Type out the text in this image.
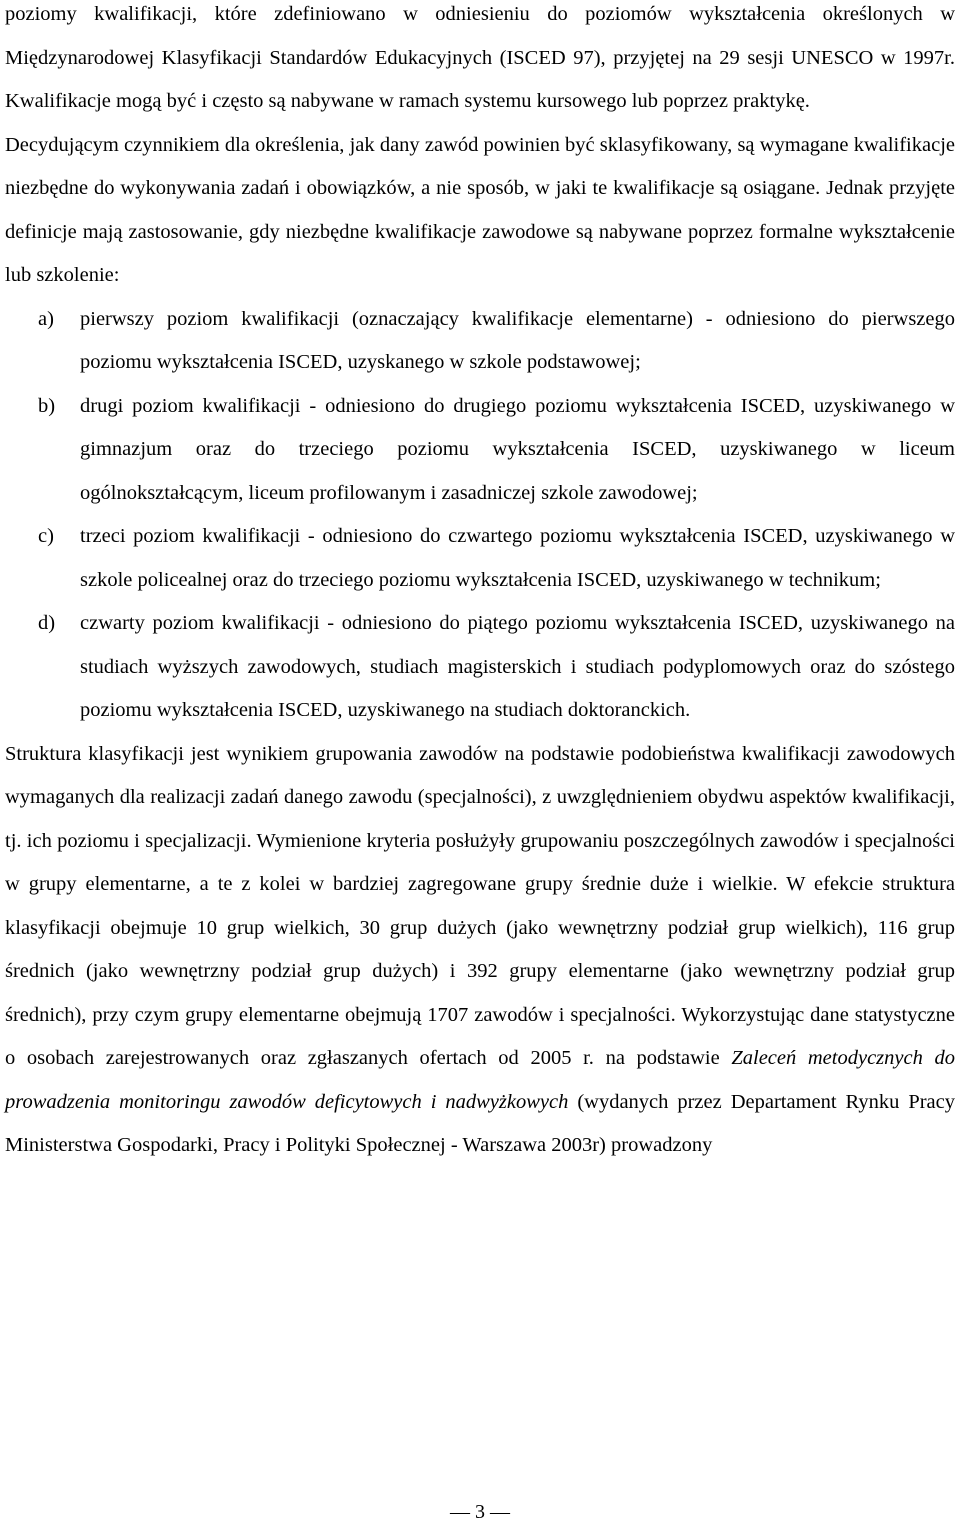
poziomy kwalifikacji, które zdefiniowano w odniesieniu do poziomów wykształcenia określonych w Międzynarodowej Klasyfikacji Standardów Edukacyjnych (ISCED 97), przyjętej na 29 sesji UNESCO w 1997r. Kwalifikacje mogą być i często są nabywane w ramach systemu kursowego lub poprzez praktykę.

Decydującym czynnikiem dla określenia, jak dany zawód powinien być sklasyfikowany, są wymagane kwalifikacje niezbędne do wykonywania zadań i obowiązków, a nie sposób, w jaki te kwalifikacje są osiągane. Jednak przyjęte definicje mają zastosowanie, gdy niezbędne kwalifikacje zawodowe są nabywane poprzez formalne wykształcenie lub szkolenie:

a)	pierwszy poziom kwalifikacji (oznaczający kwalifikacje elementarne) - odniesiono do pierwszego poziomu wykształcenia ISCED, uzyskanego w szkole podstawowej;
b)	drugi poziom kwalifikacji - odniesiono do drugiego poziomu wykształcenia ISCED, uzyskiwanego w gimnazjum oraz do trzeciego poziomu wykształcenia ISCED, uzyskiwanego w liceum ogólnokształcącym, liceum profilowanym i zasadniczej szkole zawodowej;
c)	trzeci poziom kwalifikacji - odniesiono do czwartego poziomu wykształcenia ISCED, uzyskiwanego w szkole policealnej oraz do trzeciego poziomu wykształcenia ISCED, uzyskiwanego w technikum;
d)	czwarty poziom kwalifikacji - odniesiono do piątego poziomu wykształcenia ISCED, uzyskiwanego na studiach wyższych zawodowych, studiach magisterskich i studiach podyplomowych oraz do szóstego poziomu wykształcenia ISCED, uzyskiwanego na studiach doktoranckich.

Struktura klasyfikacji jest wynikiem grupowania zawodów na podstawie podobieństwa kwalifikacji zawodowych wymaganych dla realizacji zadań danego zawodu (specjalności), z uwzględnieniem obydwu aspektów kwalifikacji, tj. ich poziomu i specjalizacji. Wymienione kryteria posłużyły grupowaniu poszczególnych zawodów i specjalności w grupy elementarne, a te z kolei w bardziej zagregowane grupy średnie duże i wielkie. W efekcie struktura klasyfikacji obejmuje 10 grup wielkich, 30 grup dużych (jako wewnętrzny podział grup wielkich), 116 grup średnich (jako wewnętrzny podział grup dużych) i 392 grupy elementarne (jako wewnętrzny podział grup średnich), przy czym grupy elementarne obejmują 1707 zawodów i specjalności. Wykorzystując dane statystyczne o osobach zarejestrowanych oraz zgłaszanych ofertach od 2005 r. na podstawie Zaleceń metodycznych do prowadzenia monitoringu zawodów deficytowych i nadwyżkowych (wydanych przez Departament Rynku Pracy Ministerstwa Gospodarki, Pracy i Polityki Społecznej - Warszawa 2003r) prowadzony

— 3 —
